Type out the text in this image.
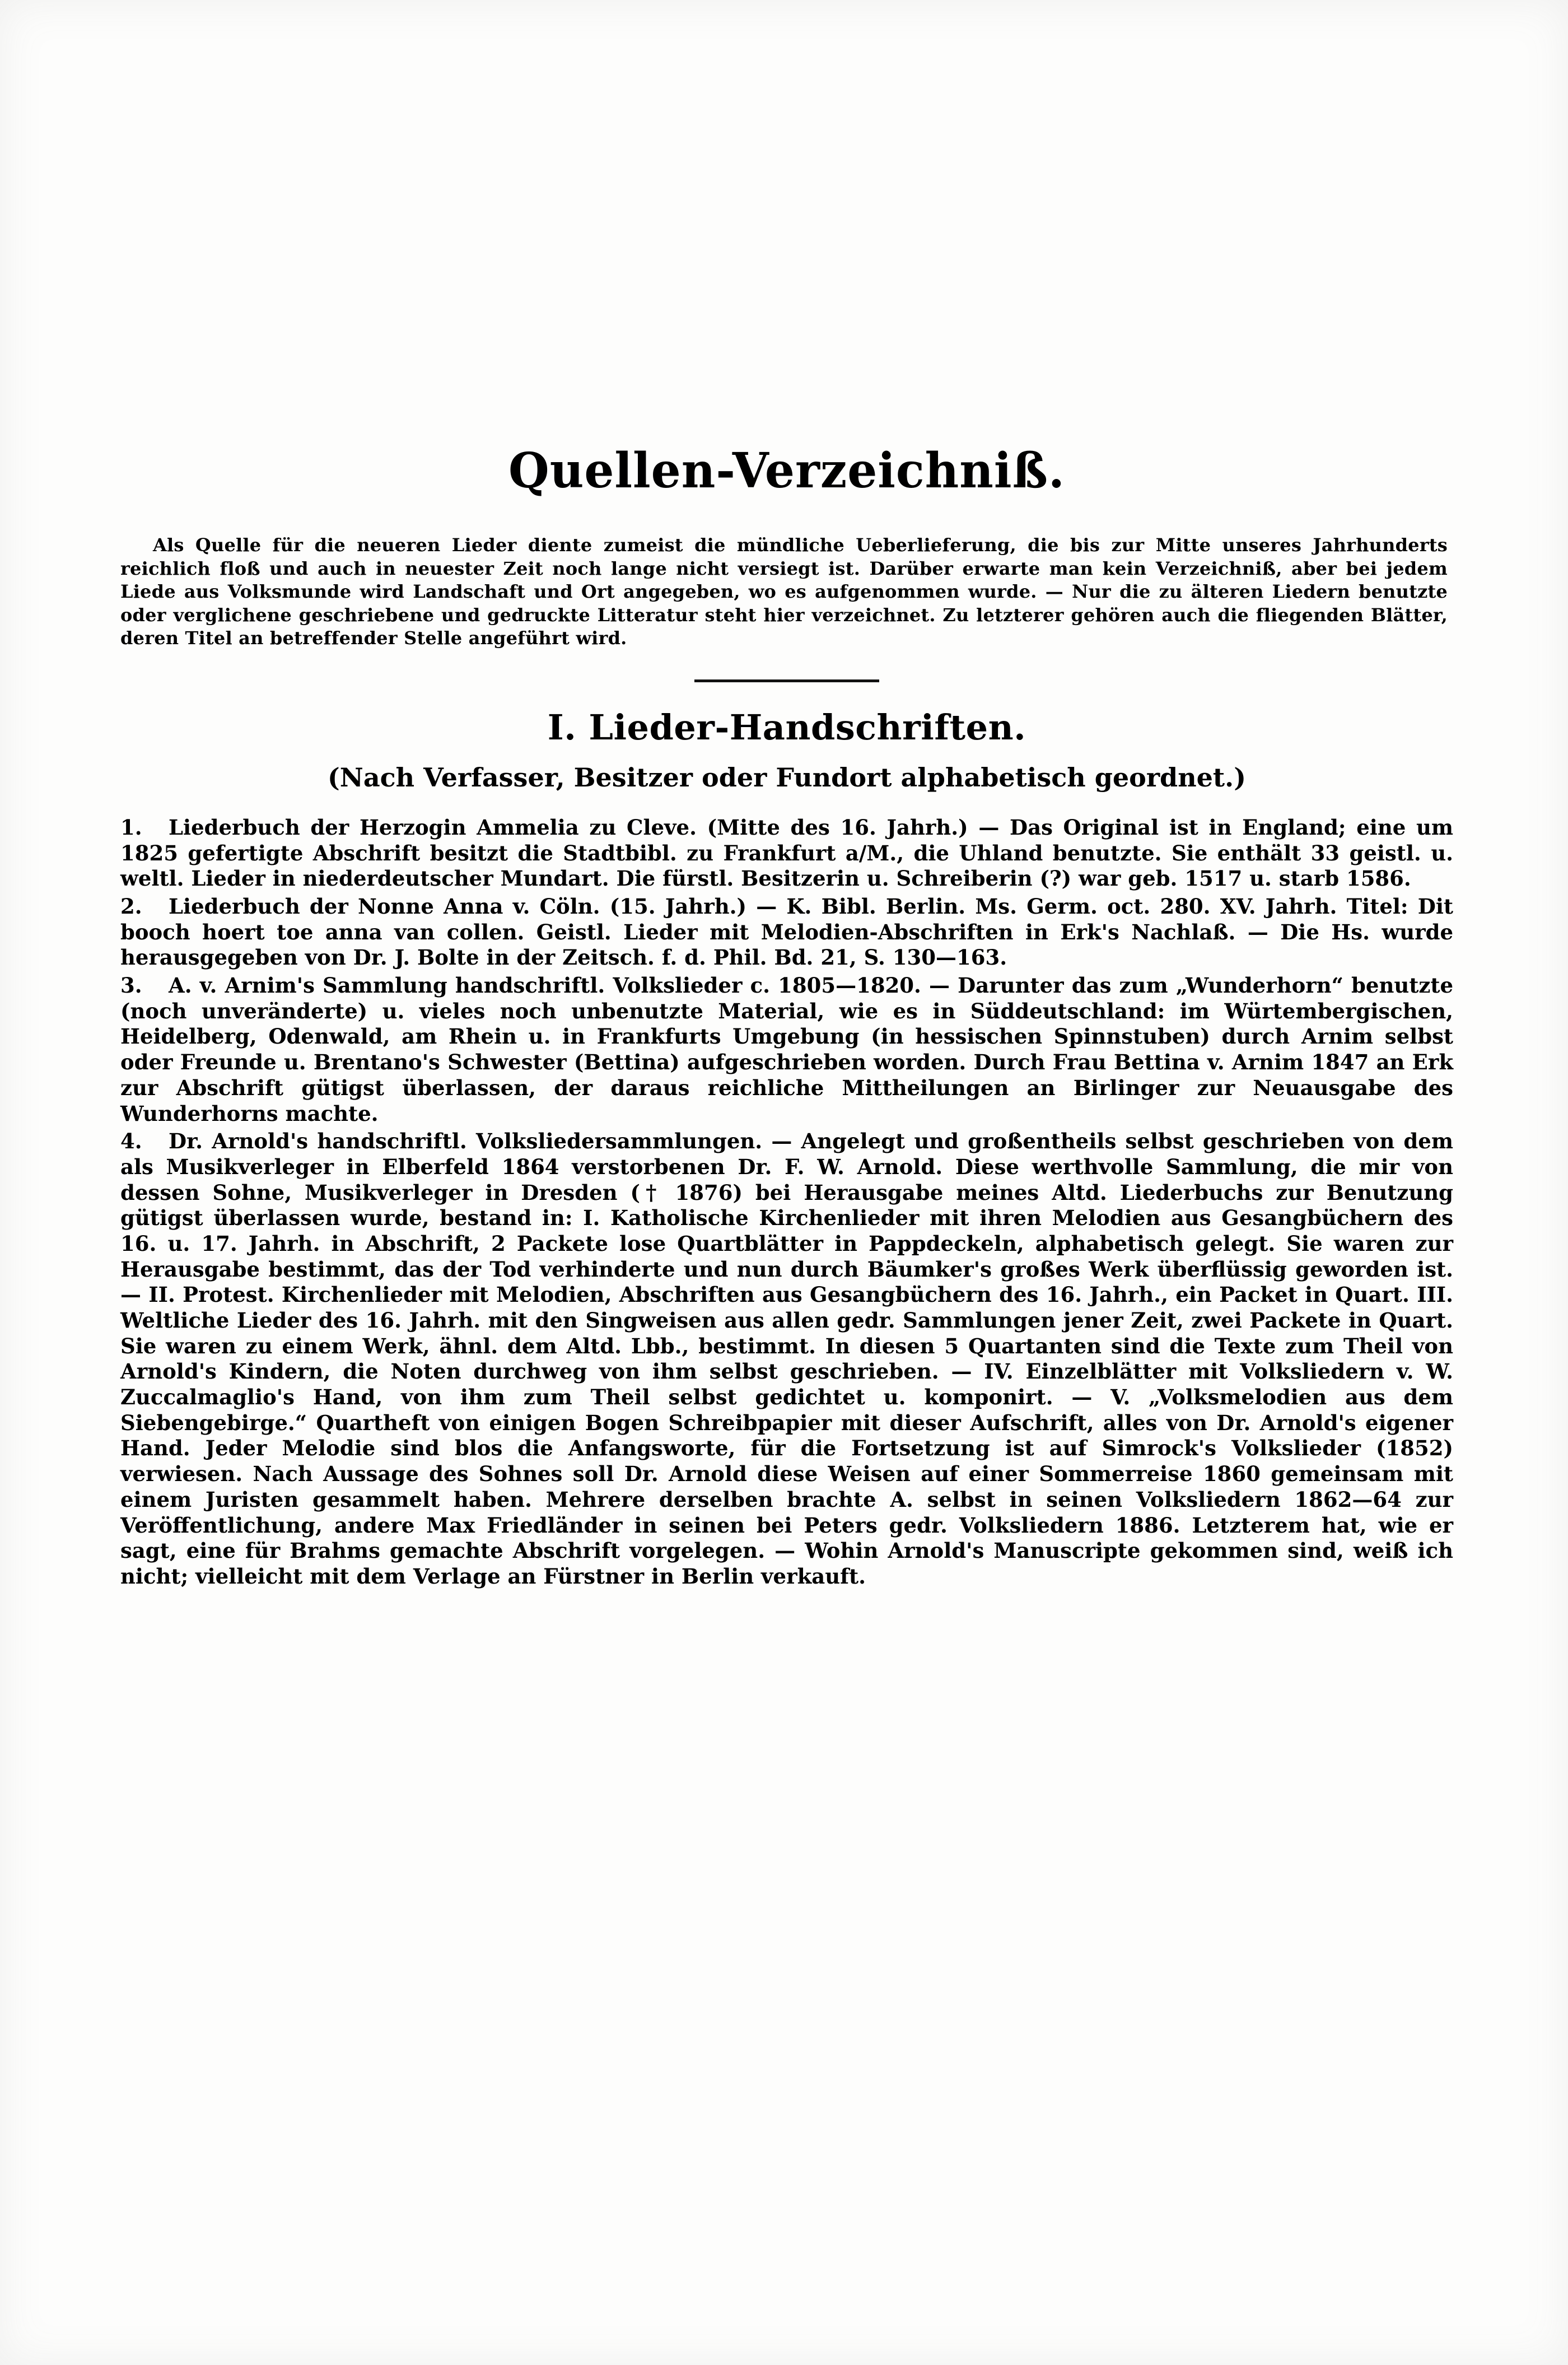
Quellen-Verzeichniß.

Als Quelle für die neueren Lieder diente zumeist die mündliche Ueberlieferung, die bis zur Mitte unseres Jahrhunderts reichlich floß und auch in neuester Zeit noch lange nicht versiegt ist. Darüber erwarte man kein Verzeichniß, aber bei jedem Liede aus Volksmunde wird Landschaft und Ort angegeben, wo es aufgenommen wurde. — Nur die zu älteren Liedern benutzte oder verglichene geschriebene und gedruckte Litteratur steht hier verzeichnet. Zu letzterer gehören auch die fliegenden Blätter, deren Titel an betreffender Stelle angeführt wird.

I. Lieder-Handschriften.
(Nach Verfasser, Besitzer oder Fundort alphabetisch geordnet.)

1. Liederbuch der Herzogin Ammelia zu Cleve. (Mitte des 16. Jahrh.) — Das Original ist in England; eine um 1825 gefertigte Abschrift besitzt die Stadtbibl. zu Frankfurt a/M., die Uhland benutzte. Sie enthält 33 geistl. u. weltl. Lieder in niederdeutscher Mundart. Die fürstl. Besitzerin u. Schreiberin (?) war geb. 1517 u. starb 1586.

2. Liederbuch der Nonne Anna v. Cöln. (15. Jahrh.) — K. Bibl. Berlin. Ms. Germ. oct. 280. XV. Jahrh. Titel: Dit booch hoert toe anna van collen. Geistl. Lieder mit Melodien-Abschriften in Erk's Nachlaß. — Die Hs. wurde herausgegeben von Dr. J. Bolte in der Zeitsch. f. d. Phil. Bd. 21, S. 130—163.

3. A. v. Arnim's Sammlung handschriftl. Volkslieder c. 1805—1820. — Darunter das zum „Wunderhorn“ benutzte (noch unveränderte) u. vieles noch unbenutzte Material, wie es in Süddeutschland: im Würtembergischen, Heidelberg, Odenwald, am Rhein u. in Frankfurts Umgebung (in hessischen Spinnstuben) durch Arnim selbst oder Freunde u. Brentano's Schwester (Bettina) aufgeschrieben worden. Durch Frau Bettina v. Arnim 1847 an Erk zur Abschrift gütigst überlassen, der daraus reichliche Mittheilungen an Birlinger zur Neuausgabe des Wunderhorns machte.

4. Dr. Arnold's handschriftl. Volksliedersammlungen. — Angelegt und großentheils selbst geschrieben von dem als Musikverleger in Elberfeld 1864 verstorbenen Dr. F. W. Arnold. Diese werthvolle Sammlung, die mir von dessen Sohne, Musikverleger in Dresden († 1876) bei Herausgabe meines Altd. Liederbuchs zur Benutzung gütigst überlassen wurde, bestand in: I. Katholische Kirchenlieder mit ihren Melodien aus Gesangbüchern des 16. u. 17. Jahrh. in Abschrift, 2 Packete lose Quartblätter in Pappdeckeln, alphabetisch gelegt. Sie waren zur Herausgabe bestimmt, das der Tod verhinderte und nun durch Bäumker's großes Werk überflüssig geworden ist. — II. Protest. Kirchenlieder mit Melodien, Abschriften aus Gesangbüchern des 16. Jahrh., ein Packet in Quart. III. Weltliche Lieder des 16. Jahrh. mit den Singweisen aus allen gedr. Sammlungen jener Zeit, zwei Packete in Quart. Sie waren zu einem Werk, ähnl. dem Altd. Lbb., bestimmt. In diesen 5 Quartanten sind die Texte zum Theil von Arnold's Kindern, die Noten durchweg von ihm selbst geschrieben. — IV. Einzelblätter mit Volksliedern v. W. Zuccalmaglio's Hand, von ihm zum Theil selbst gedichtet u. komponirt. — V. „Volksmelodien aus dem Siebengebirge.“ Quartheft von einigen Bogen Schreibpapier mit dieser Aufschrift, alles von Dr. Arnold's eigener Hand. Jeder Melodie sind blos die Anfangsworte, für die Fortsetzung ist auf Simrock's Volkslieder (1852) verwiesen. Nach Aussage des Sohnes soll Dr. Arnold diese Weisen auf einer Sommerreise 1860 gemeinsam mit einem Juristen gesammelt haben. Mehrere derselben brachte A. selbst in seinen Volksliedern 1862—64 zur Veröffentlichung, andere Max Friedländer in seinen bei Peters gedr. Volksliedern 1886. Letzterem hat, wie er sagt, eine für Brahms gemachte Abschrift vorgelegen. — Wohin Arnold's Manuscripte gekommen sind, weiß ich nicht; vielleicht mit dem Verlage an Fürstner in Berlin verkauft.
